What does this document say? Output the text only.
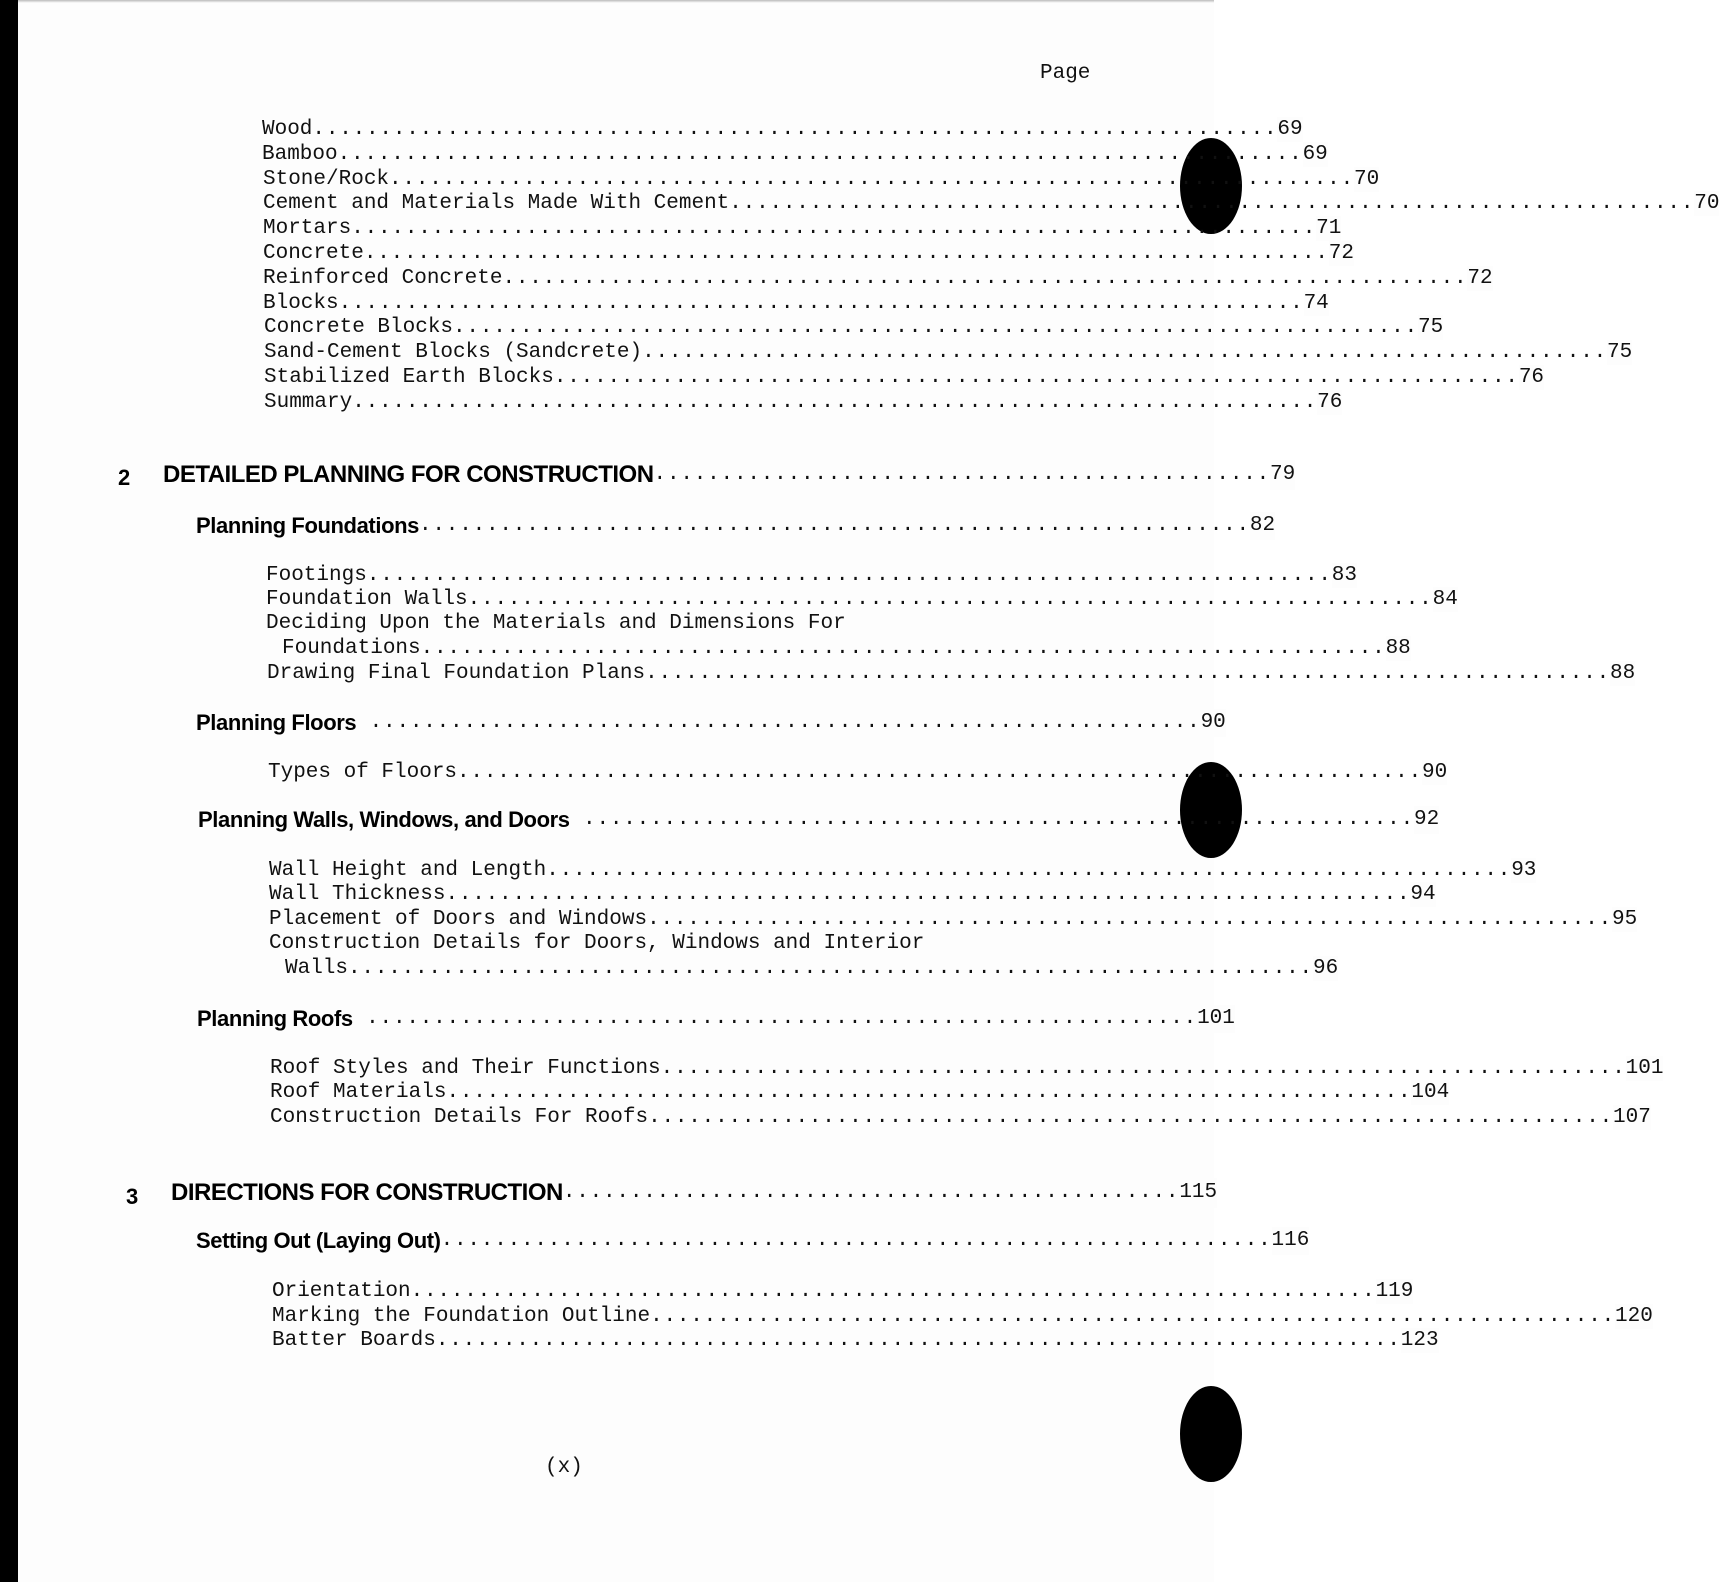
Page
Wood ........................................................................ 69
Bamboo ........................................................................ 69
Stone/Rock ........................................................................ 70
Cement and Materials Made With Cement ........................................................................ 70
Mortars ........................................................................ 71
Concrete ........................................................................ 72
Reinforced Concrete ........................................................................ 72
Blocks ........................................................................ 74
Concrete Blocks ........................................................................ 75
Sand-Cement Blocks (Sandcrete) ........................................................................ 75
Stabilized Earth Blocks ........................................................................ 76
Summary ........................................................................ 76
2 DETAILED PLANNING FOR CONSTRUCTION .............................................. 79
Planning Foundations .............................................................. 82
Footings ........................................................................ 83
Foundation Walls ........................................................................ 84
Deciding Upon the Materials and Dimensions For
Foundations ........................................................................ 88
Drawing Final Foundation Plans ........................................................................ 88
Planning Floors .............................................................. 90
Types of Floors ........................................................................ 90
Planning Walls, Windows, and Doors .............................................................. 92
Wall Height and Length ........................................................................ 93
Wall Thickness ........................................................................ 94
Placement of Doors and Windows ........................................................................ 95
Construction Details for Doors, Windows and Interior
Walls ........................................................................ 96
Planning Roofs .............................................................. 101
Roof Styles and Their Functions ........................................................................ 101
Roof Materials ........................................................................ 104
Construction Details For Roofs ........................................................................ 107
3 DIRECTIONS FOR CONSTRUCTION .............................................. 115
Setting Out (Laying Out) .............................................................. 116
Orientation ........................................................................ 119
Marking the Foundation Outline ........................................................................ 120
Batter Boards ........................................................................ 123
(x)
